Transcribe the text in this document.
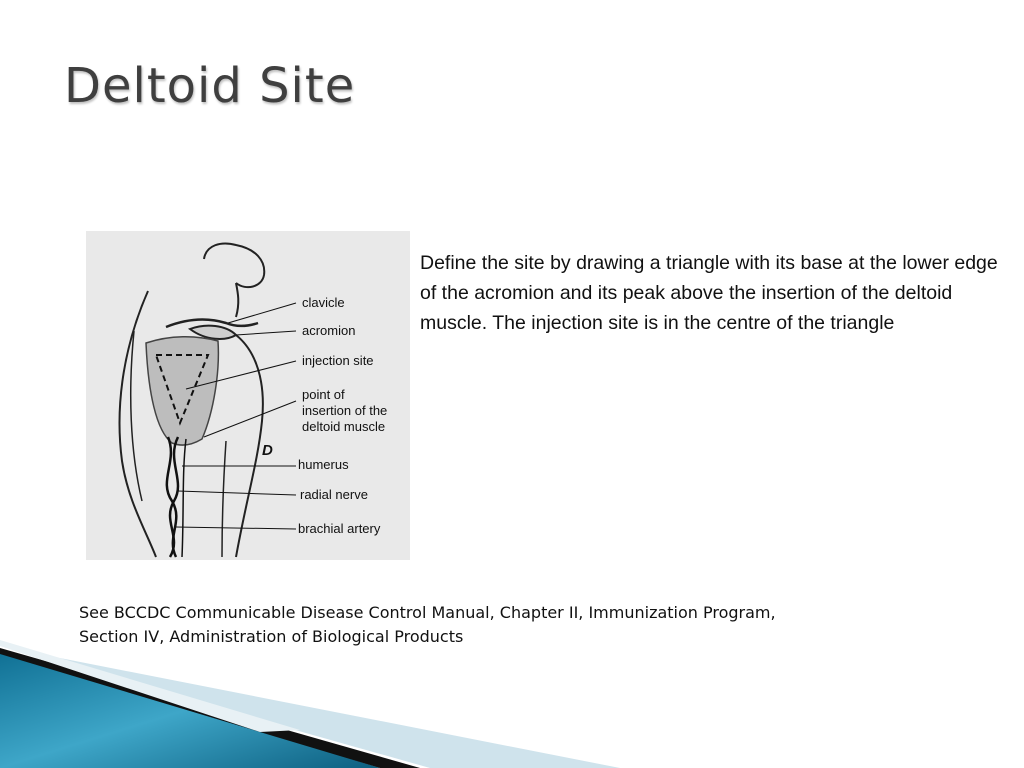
Deltoid Site
clavicle
acromion
injection site
point of
insertion of the
deltoid muscle
humerus
radial nerve
brachial artery
D
Define the site by drawing a triangle with its base at the lower edge of the acromion and its peak above the insertion of the deltoid muscle. The injection site is in the centre of the triangle
See BCCDC Communicable Disease Control Manual, Chapter II, Immunization Program,
Section IV, Administration of Biological Products
